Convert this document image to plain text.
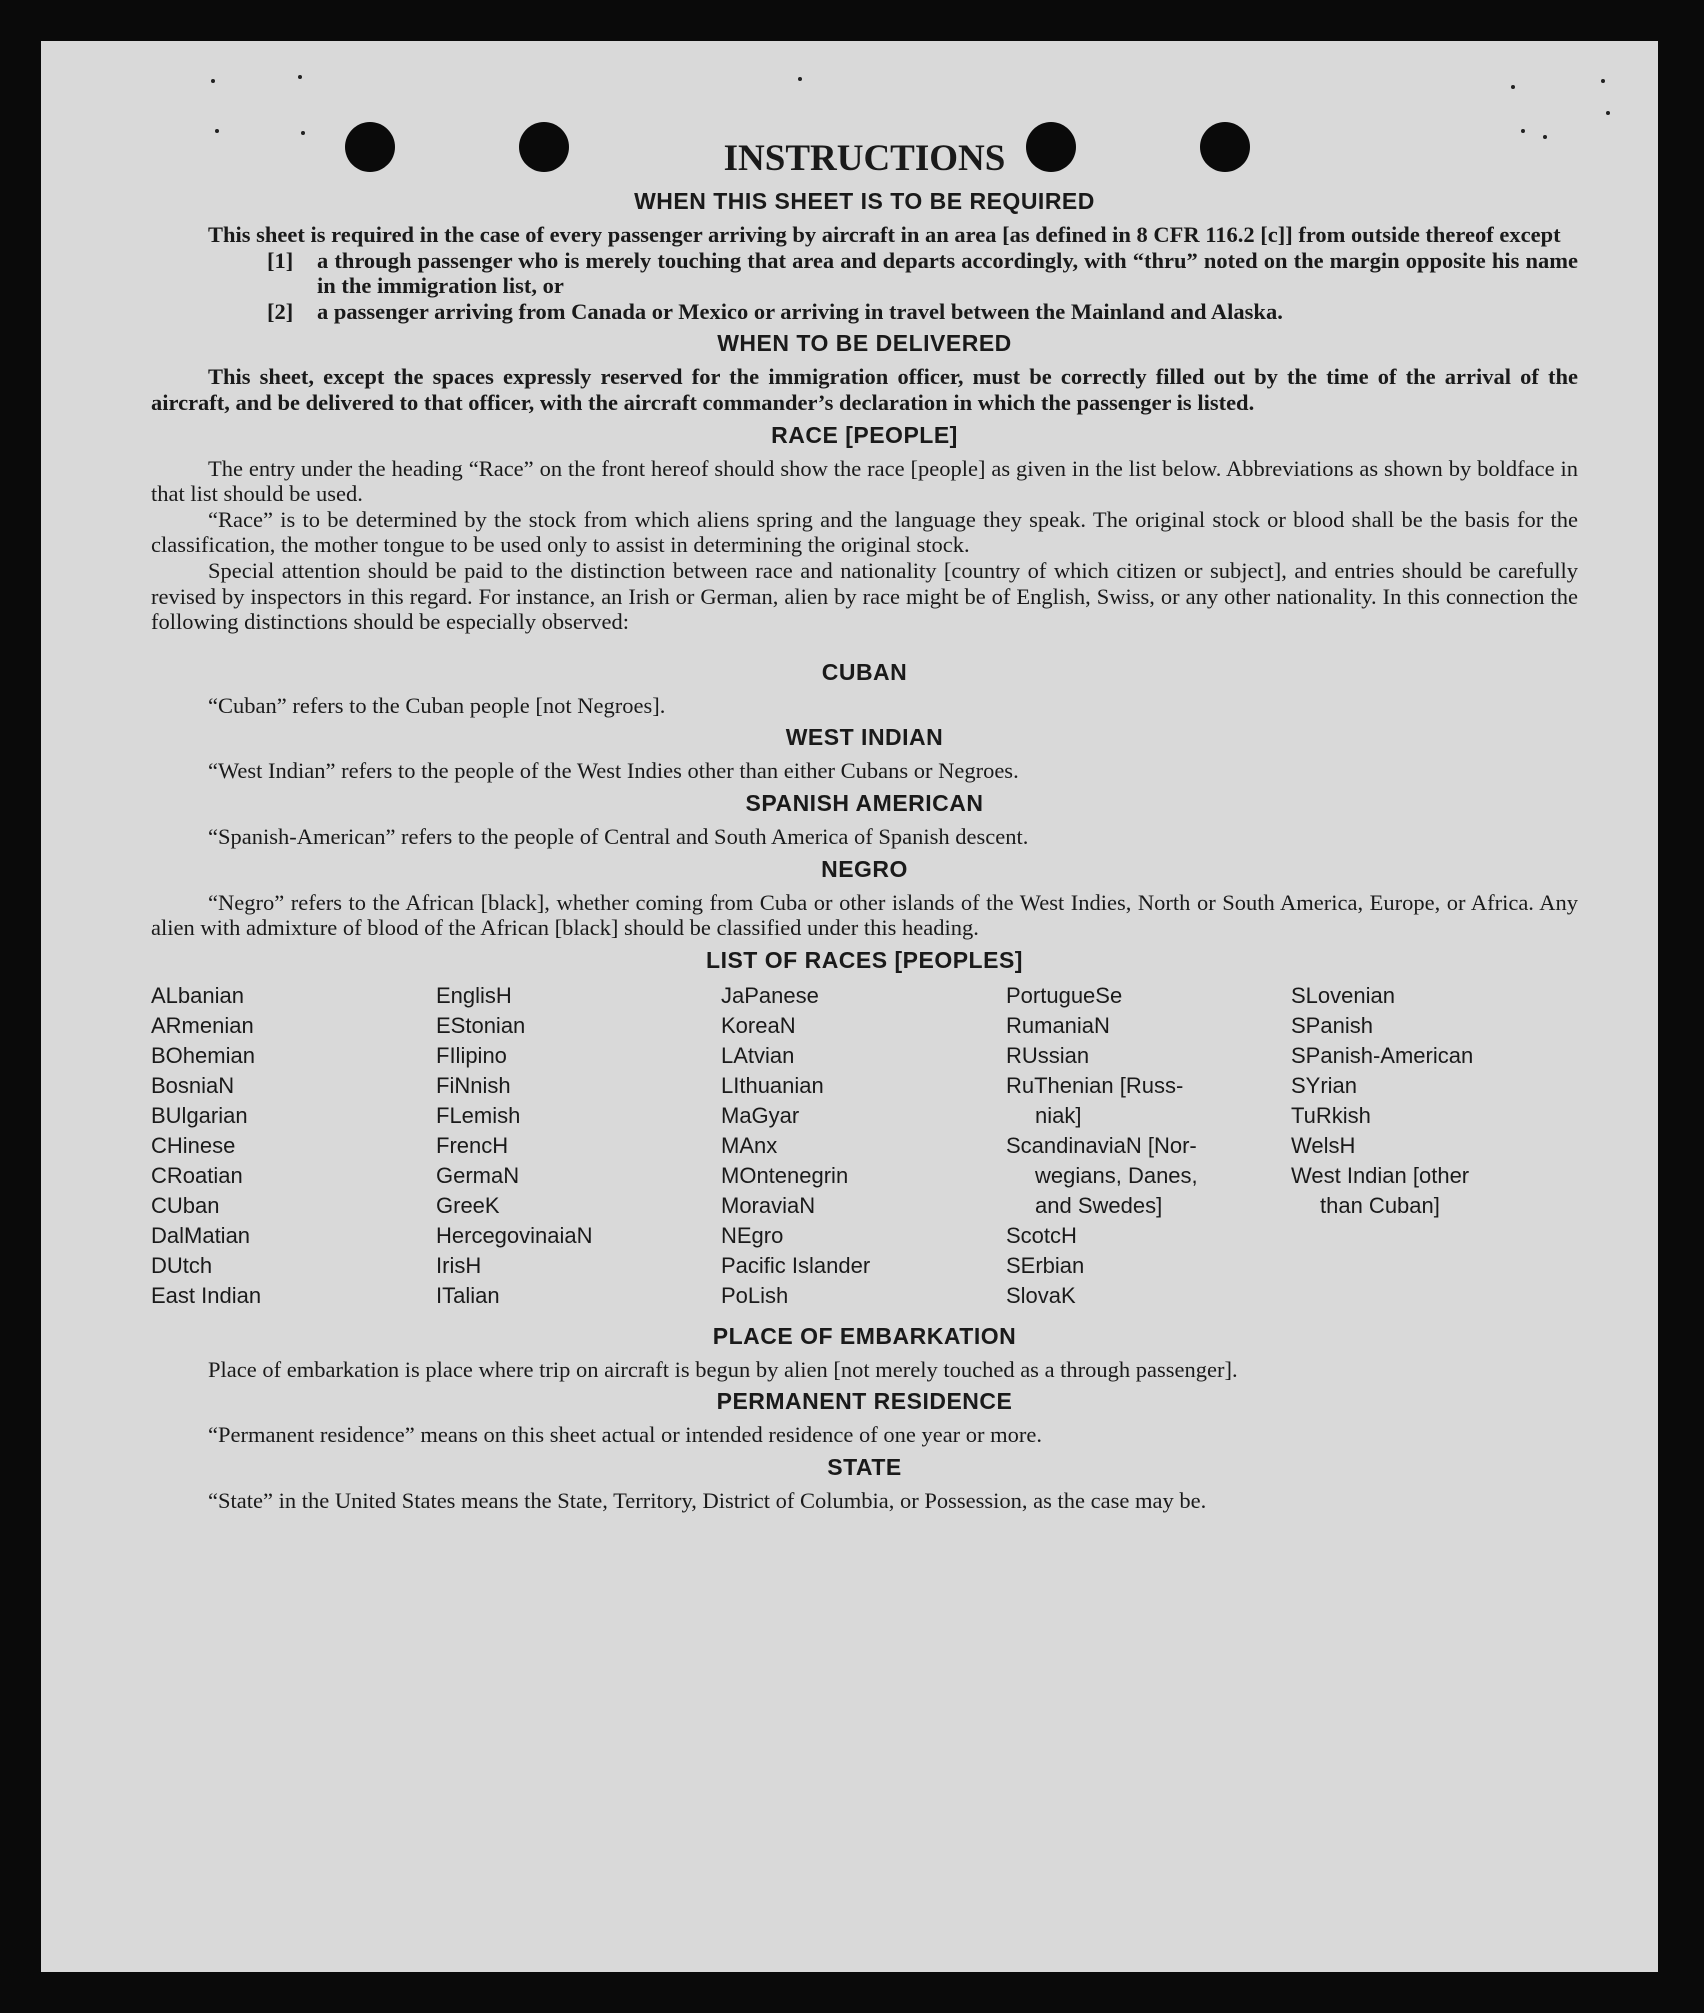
INSTRUCTIONS
WHEN THIS SHEET IS TO BE REQUIRED

This sheet is required in the case of every passenger arriving by aircraft in an area [as defined in 8 CFR 116.2 [c]] from outside thereof except

[1]	a through passenger who is merely touching that area and departs accordingly, with “thru” noted on the margin opposite his name in the immigration list, or
[2]	a passenger arriving from Canada or Mexico or arriving in travel between the Mainland and Alaska.
WHEN TO BE DELIVERED

This sheet, except the spaces expressly reserved for the immigration officer, must be correctly filled out by the time of the arrival of the aircraft, and be delivered to that officer, with the aircraft commander’s declaration in which the passenger is listed.

RACE [PEOPLE]

The entry under the heading “Race” on the front hereof should show the race [people] as given in the list below. Abbreviations as shown by boldface in that list should be used.

“Race” is to be determined by the stock from which aliens spring and the language they speak. The original stock or blood shall be the basis for the classification, the mother tongue to be used only to assist in determining the original stock.

Special attention should be paid to the distinction between race and nationality [country of which citizen or subject], and entries should be carefully revised by inspectors in this regard. For instance, an Irish or German, alien by race might be of English, Swiss, or any other nationality. In this connection the following distinctions should be especially observed:

CUBAN

“Cuban” refers to the Cuban people [not Negroes].

WEST INDIAN

“West Indian” refers to the people of the West Indies other than either Cubans or Negroes.

SPANISH AMERICAN

“Spanish-American” refers to the people of Central and South America of Spanish descent.

NEGRO

“Negro” refers to the African [black], whether coming from Cuba or other islands of the West Indies, North or South America, Europe, or Africa. Any alien with admixture of blood of the African [black] should be classified under this heading.

LIST OF RACES [PEOPLES]
ALbanian
ARmenian
BOhemian
BosniaN
BUlgarian
CHinese
CRoatian
CUban
DalMatian
DUtch
East Indian
EnglisH
EStonian
FIlipino
FiNnish
FLemish
FrencH
GermaN
GreeK
HercegovinaiaN
IrisH
ITalian
JaPanese
KoreaN
LAtvian
LIthuanian
MaGyar
MAnx
MOntenegrin
MoraviaN
NEgro
Pacific Islander
PoLish
PortugueSe
RumaniaN
RUssian
RuThenian [Russ-
niak]
ScandinaviaN [Nor-
wegians, Danes,
and Swedes]
ScotcH
SErbian
SlovaK
SLovenian
SPanish
SPanish-American
SYrian
TuRkish
WelsH
West Indian [other
than Cuban]
PLACE OF EMBARKATION

Place of embarkation is place where trip on aircraft is begun by alien [not merely touched as a through passenger].

PERMANENT RESIDENCE

“Permanent residence” means on this sheet actual or intended residence of one year or more.

STATE

“State” in the United States means the State, Territory, District of Columbia, or Possession, as the case may be.
